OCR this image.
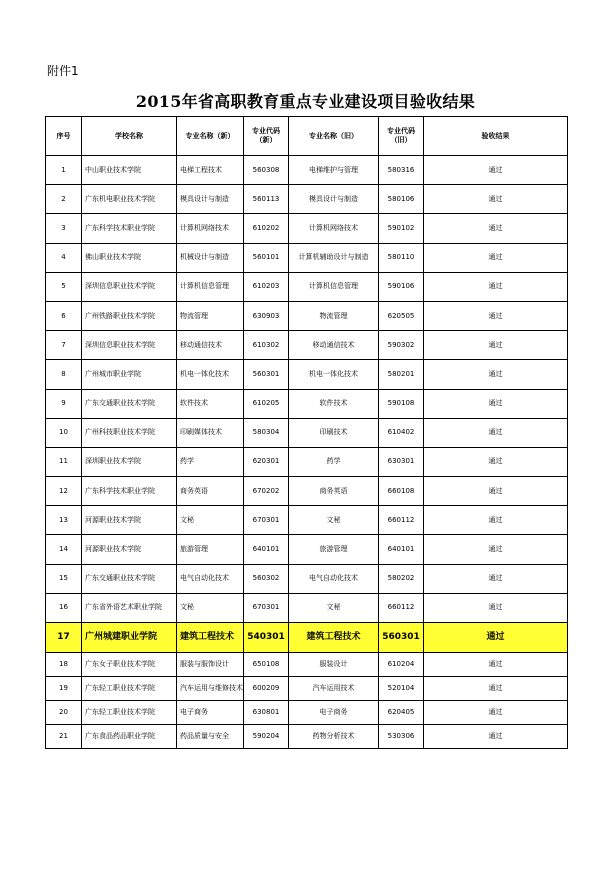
附件1
2015年省高职教育重点专业建设项目验收结果
序号	学校名称	专业名称（新）	专业代码（新）	专业名称（旧）	专业代码（旧）	验收结果
1	中山职业技术学院	电梯工程技术	560308	电梯维护与管理	580316	通过
2	广东机电职业技术学院	模具设计与制造	560113	模具设计与制造	580106	通过
3	广东科学技术职业学院	计算机网络技术	610202	计算机网络技术	590102	通过
4	佛山职业技术学院	机械设计与制造	560101	计算机辅助设计与制造	580110	通过
5	深圳信息职业技术学院	计算机信息管理	610203	计算机信息管理	590106	通过
6	广州铁路职业技术学院	物流管理	630903	物流管理	620505	通过
7	深圳信息职业技术学院	移动通信技术	610302	移动通信技术	590302	通过
8	广州城市职业学院	机电一体化技术	560301	机电一体化技术	580201	通过
9	广东交通职业技术学院	软件技术	610205	软件技术	590108	通过
10	广州科技职业技术学院	印刷媒体技术	580304	印刷技术	610402	通过
11	深圳职业技术学院	药学	620301	药学	630301	通过
12	广东科学技术职业学院	商务英语	670202	商务英语	660108	通过
13	河源职业技术学院	文秘	670301	文秘	660112	通过
14	河源职业技术学院	旅游管理	640101	旅游管理	640101	通过
15	广东交通职业技术学院	电气自动化技术	560302	电气自动化技术	580202	通过
16	广东省外语艺术职业学院	文秘	670301	文秘	660112	通过
17	广州城建职业学院	建筑工程技术	540301	建筑工程技术	560301	通过
18	广东女子职业技术学院	服装与服饰设计	650108	服装设计	610204	通过
19	广东轻工职业技术学院	汽车运用与维修技术	600209	汽车运用技术	520104	通过
20	广东轻工职业技术学院	电子商务	630801	电子商务	620405	通过
21	广东食品药品职业学院	药品质量与安全	590204	药物分析技术	530306	通过
